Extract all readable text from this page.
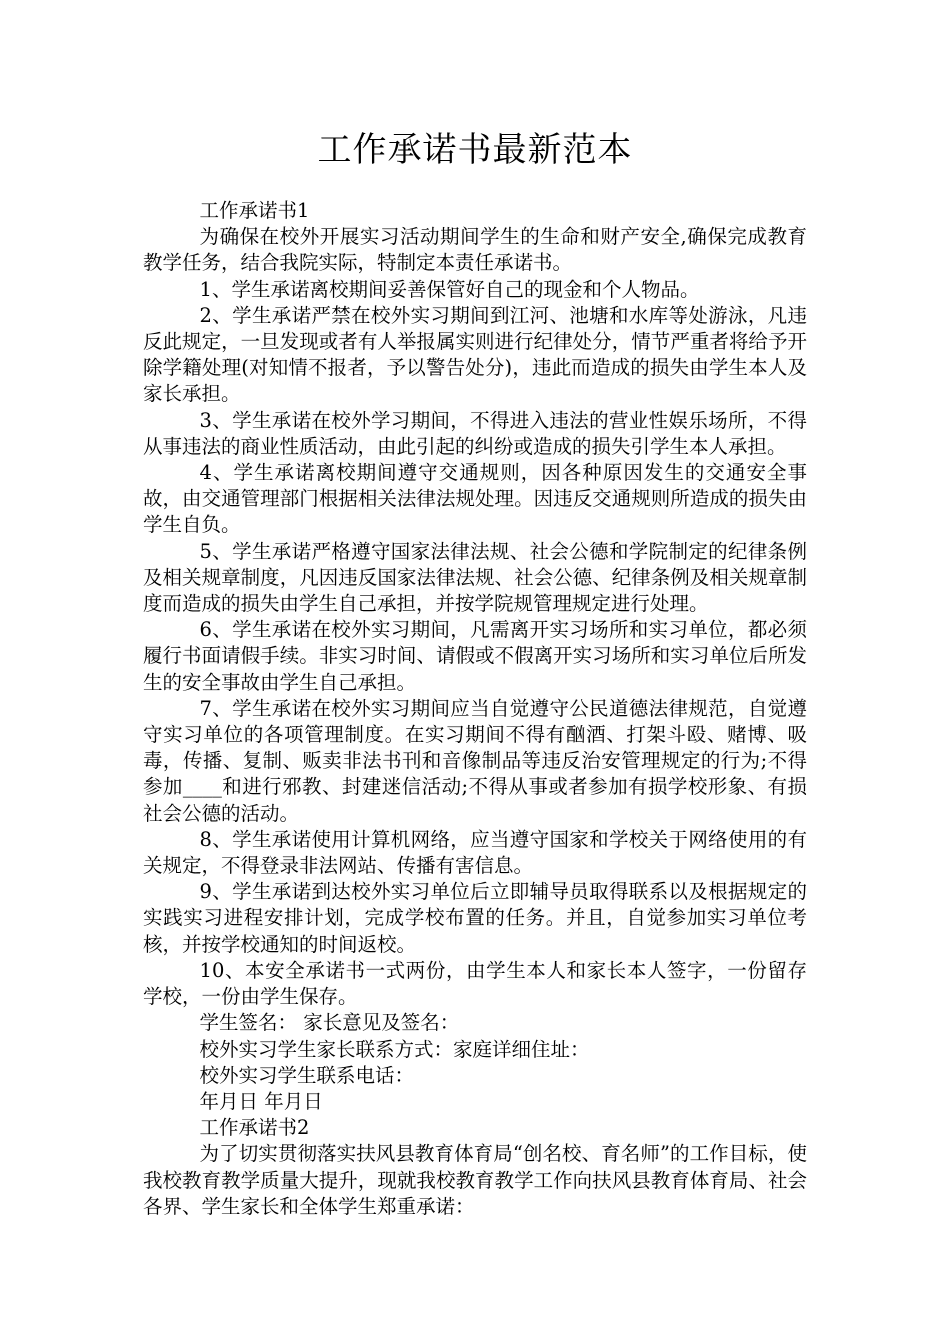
工作承诺书最新范本

工作承诺书1

为确保在校外开展实习活动期间学生的生命和财产安全,确保完成教育教学任务，结合我院实际，特制定本责任承诺书。

1、学生承诺离校期间妥善保管好自己的现金和个人物品。

2、学生承诺严禁在校外实习期间到江河、池塘和水库等处游泳，凡违反此规定，一旦发现或者有人举报属实则进行纪律处分，情节严重者将给予开除学籍处理(对知情不报者，予以警告处分)，违此而造成的损失由学生本人及家长承担。

3、学生承诺在校外学习期间，不得进入违法的营业性娱乐场所，不得从事违法的商业性质活动，由此引起的纠纷或造成的损失引学生本人承担。

4、学生承诺离校期间遵守交通规则，因各种原因发生的交通安全事故，由交通管理部门根据相关法律法规处理。因违反交通规则所造成的损失由学生自负。

5、学生承诺严格遵守国家法律法规、社会公德和学院制定的纪律条例及相关规章制度，凡因违反国家法律法规、社会公德、纪律条例及相关规章制度而造成的损失由学生自己承担，并按学院规管理规定进行处理。

6、学生承诺在校外实习期间，凡需离开实习场所和实习单位，都必须履行书面请假手续。非实习时间、请假或不假离开实习场所和实习单位后所发生的安全事故由学生自己承担。

7、学生承诺在校外实习期间应当自觉遵守公民道德法律规范，自觉遵守实习单位的各项管理制度。在实习期间不得有酗酒、打架斗殴、赌博、吸毒，传播、复制、贩卖非法书刊和音像制品等违反治安管理规定的行为;不得参加____和进行邪教、封建迷信活动;不得从事或者参加有损学校形象、有损社会公德的活动。

8、学生承诺使用计算机网络，应当遵守国家和学校关于网络使用的有关规定，不得登录非法网站、传播有害信息。

9、学生承诺到达校外实习单位后立即辅导员取得联系以及根据规定的实践实习进程安排计划，完成学校布置的任务。并且，自觉参加实习单位考核，并按学校通知的时间返校。

10、本安全承诺书一式两份，由学生本人和家长本人签字，一份留存学校，一份由学生保存。

学生签名： 家长意见及签名：

校外实习学生家长联系方式：家庭详细住址：

校外实习学生联系电话：

年月日 年月日

工作承诺书2

为了切实贯彻落实扶风县教育体育局“创名校、育名师”的工作目标，使我校教育教学质量大提升，现就我校教育教学工作向扶风县教育体育局、社会各界、学生家长和全体学生郑重承诺：
